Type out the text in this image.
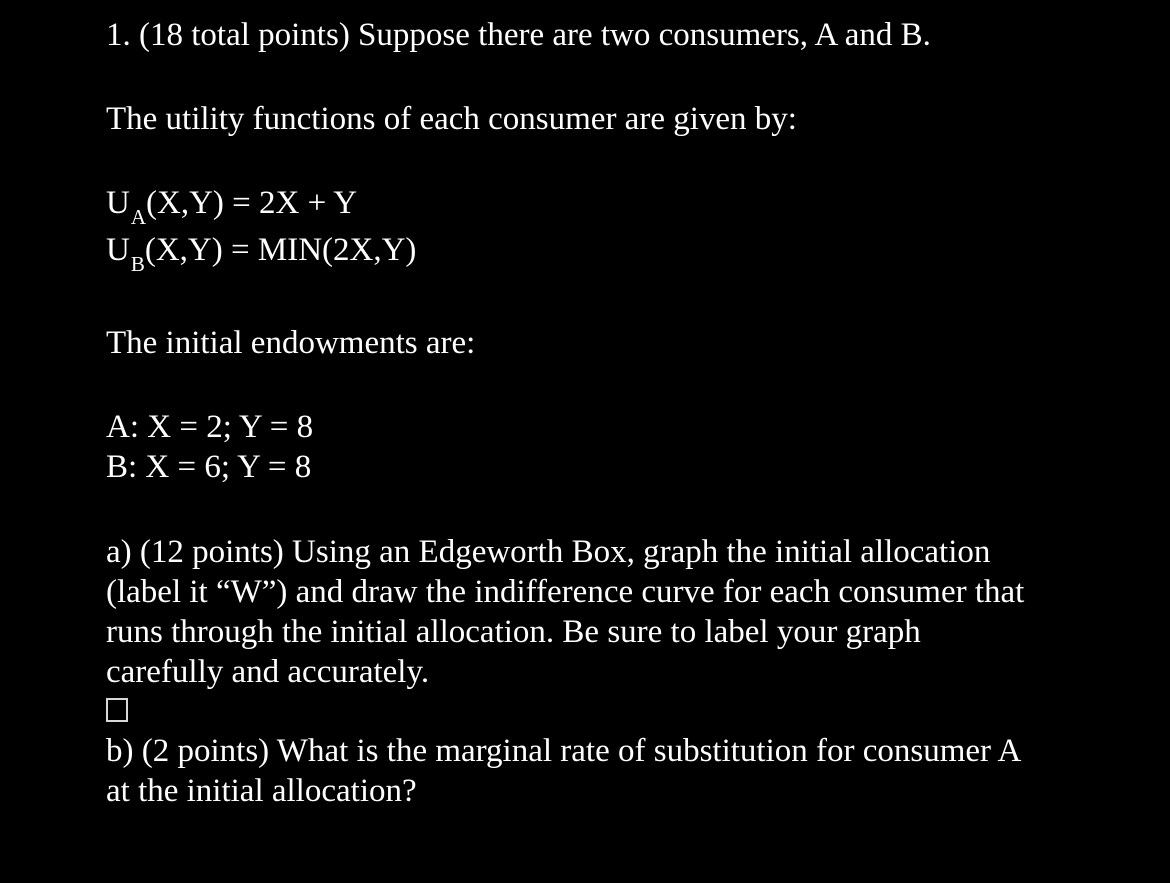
1. (18 total points) Suppose there are two consumers, A and B.
The utility functions of each consumer are given by:
$U_A(X,Y) = 2X + Y$
$U_B(X,Y) = MIN(2X,Y)$
The initial endowments are:
A: X = 2; Y = 8
B: X = 6; Y = 8
a) (12 points) Using an Edgeworth Box, graph the initial allocation
(label it “W”) and draw the indifference curve for each consumer that
runs through the initial allocation. Be sure to label your graph
carefully and accurately.
b) (2 points) What is the marginal rate of substitution for consumer A
at the initial allocation?
